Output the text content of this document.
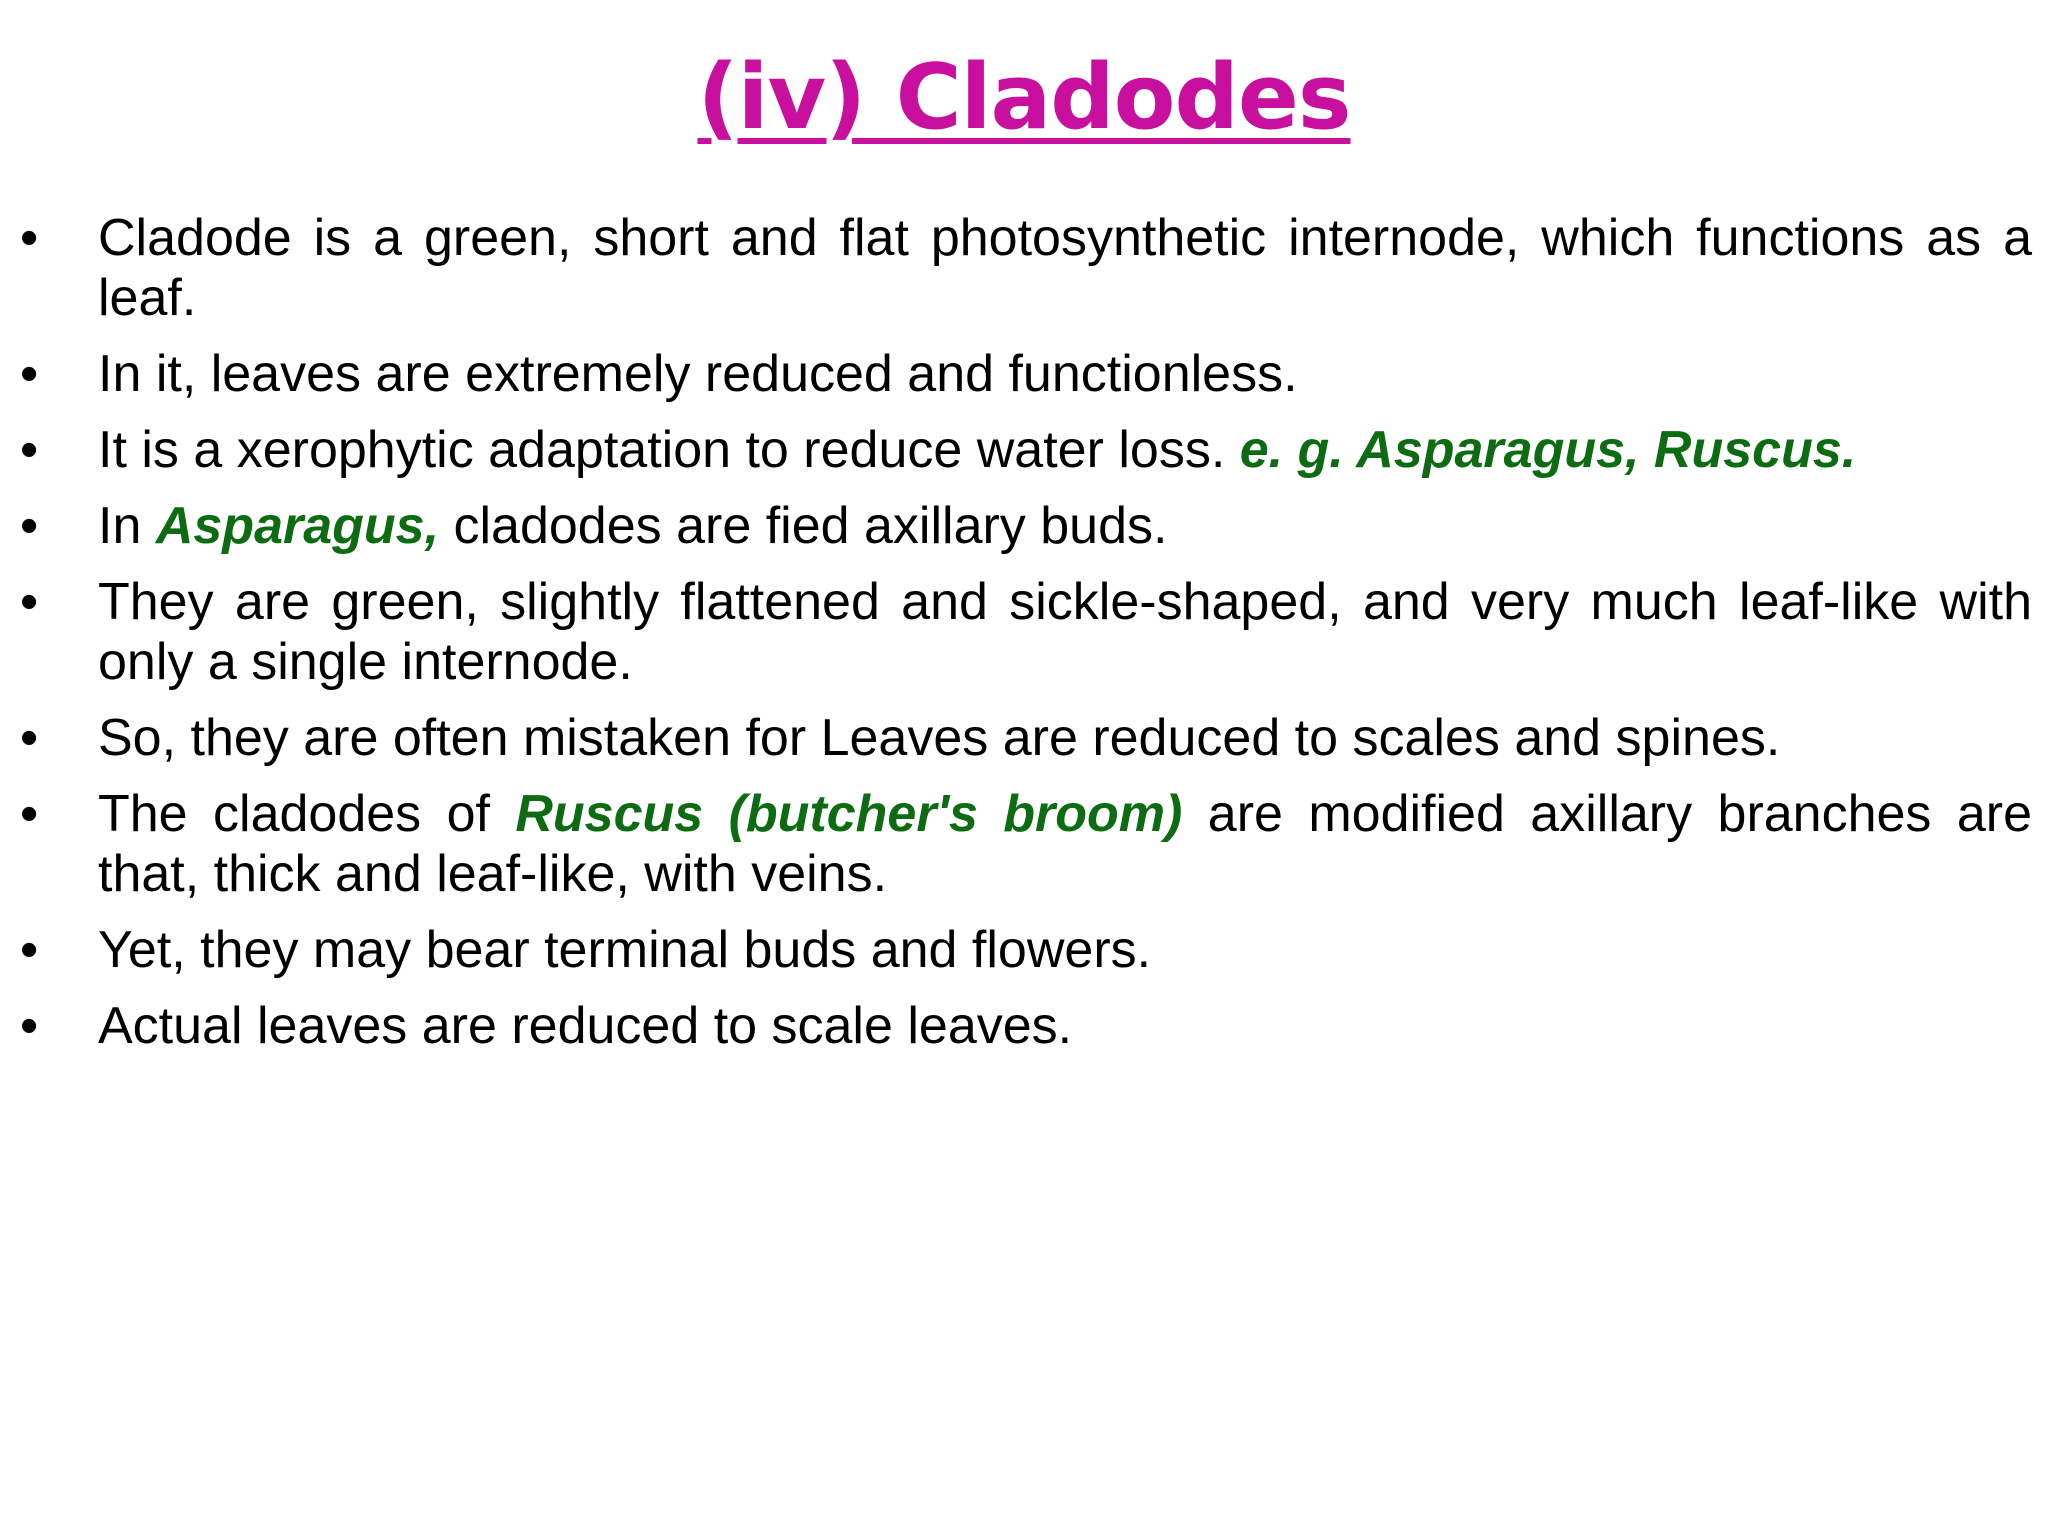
(iv) Cladodes
•	Cladode is a green, short and flat photosynthetic internode, which functions as a leaf.
•	In it, leaves are extremely reduced and functionless.
•	It is a xerophytic adaptation to reduce water loss. e. g. Asparagus, Ruscus.
•	In Asparagus, cladodes are fied axillary buds.
•	They are green, slightly flattened and sickle-shaped, and very much leaf-like with only a single internode.
•	So, they are often mistaken for Leaves are reduced to scales and spines.
•	The cladodes of Ruscus (butcher's broom) are modified axillary branches are that, thick and leaf-like, with veins.
•	Yet, they may bear terminal buds and flowers.
•	Actual leaves are reduced to scale leaves.
